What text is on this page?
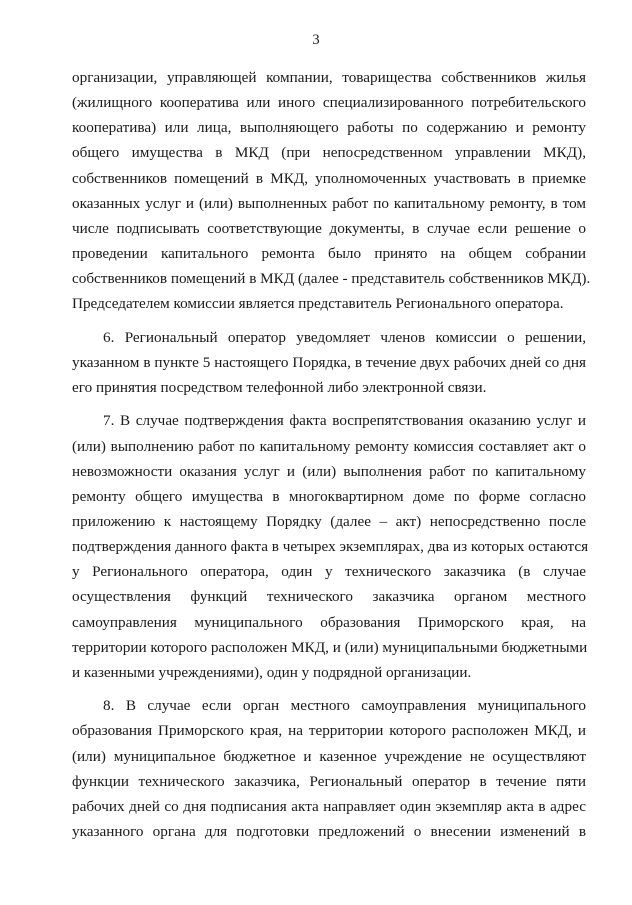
3
организации, управляющей компании, товарищества собственников жилья
(жилищного кооператива или иного специализированного потребительского
кооператива) или лица, выполняющего работы по содержанию и ремонту
общего имущества в МКД (при непосредственном управлении МКД),
собственников помещений в МКД, уполномоченных участвовать в приемке
оказанных услуг и (или) выполненных работ по капитальному ремонту, в том
числе подписывать соответствующие документы, в случае если решение о
проведении капитального ремонта было принято на общем собрании
собственников помещений в МКД (далее - представитель собственников МКД).
Председателем комиссии является представитель Регионального оператора.
6. Региональный оператор уведомляет членов комиссии о решении,
указанном в пункте 5 настоящего Порядка, в течение двух рабочих дней со дня
его принятия посредством телефонной либо электронной связи.
7. В случае подтверждения факта воспрепятствования оказанию услуг и
(или) выполнению работ по капитальному ремонту комиссия составляет акт о
невозможности оказания услуг и (или) выполнения работ по капитальному
ремонту общего имущества в многоквартирном доме по форме согласно
приложению к настоящему Порядку (далее – акт) непосредственно после
подтверждения данного факта в четырех экземплярах, два из которых остаются
у Регионального оператора, один у технического заказчика (в случае
осуществления функций технического заказчика органом местного
самоуправления муниципального образования Приморского края, на
территории которого расположен МКД, и (или) муниципальными бюджетными
и казенными учреждениями), один у подрядной организации.
8. В случае если орган местного самоуправления муниципального
образования Приморского края, на территории которого расположен МКД, и
(или) муниципальное бюджетное и казенное учреждение не осуществляют
функции технического заказчика, Региональный оператор в течение пяти
рабочих дней со дня подписания акта направляет один экземпляр акта в адрес
указанного органа для подготовки предложений о внесении изменений в
